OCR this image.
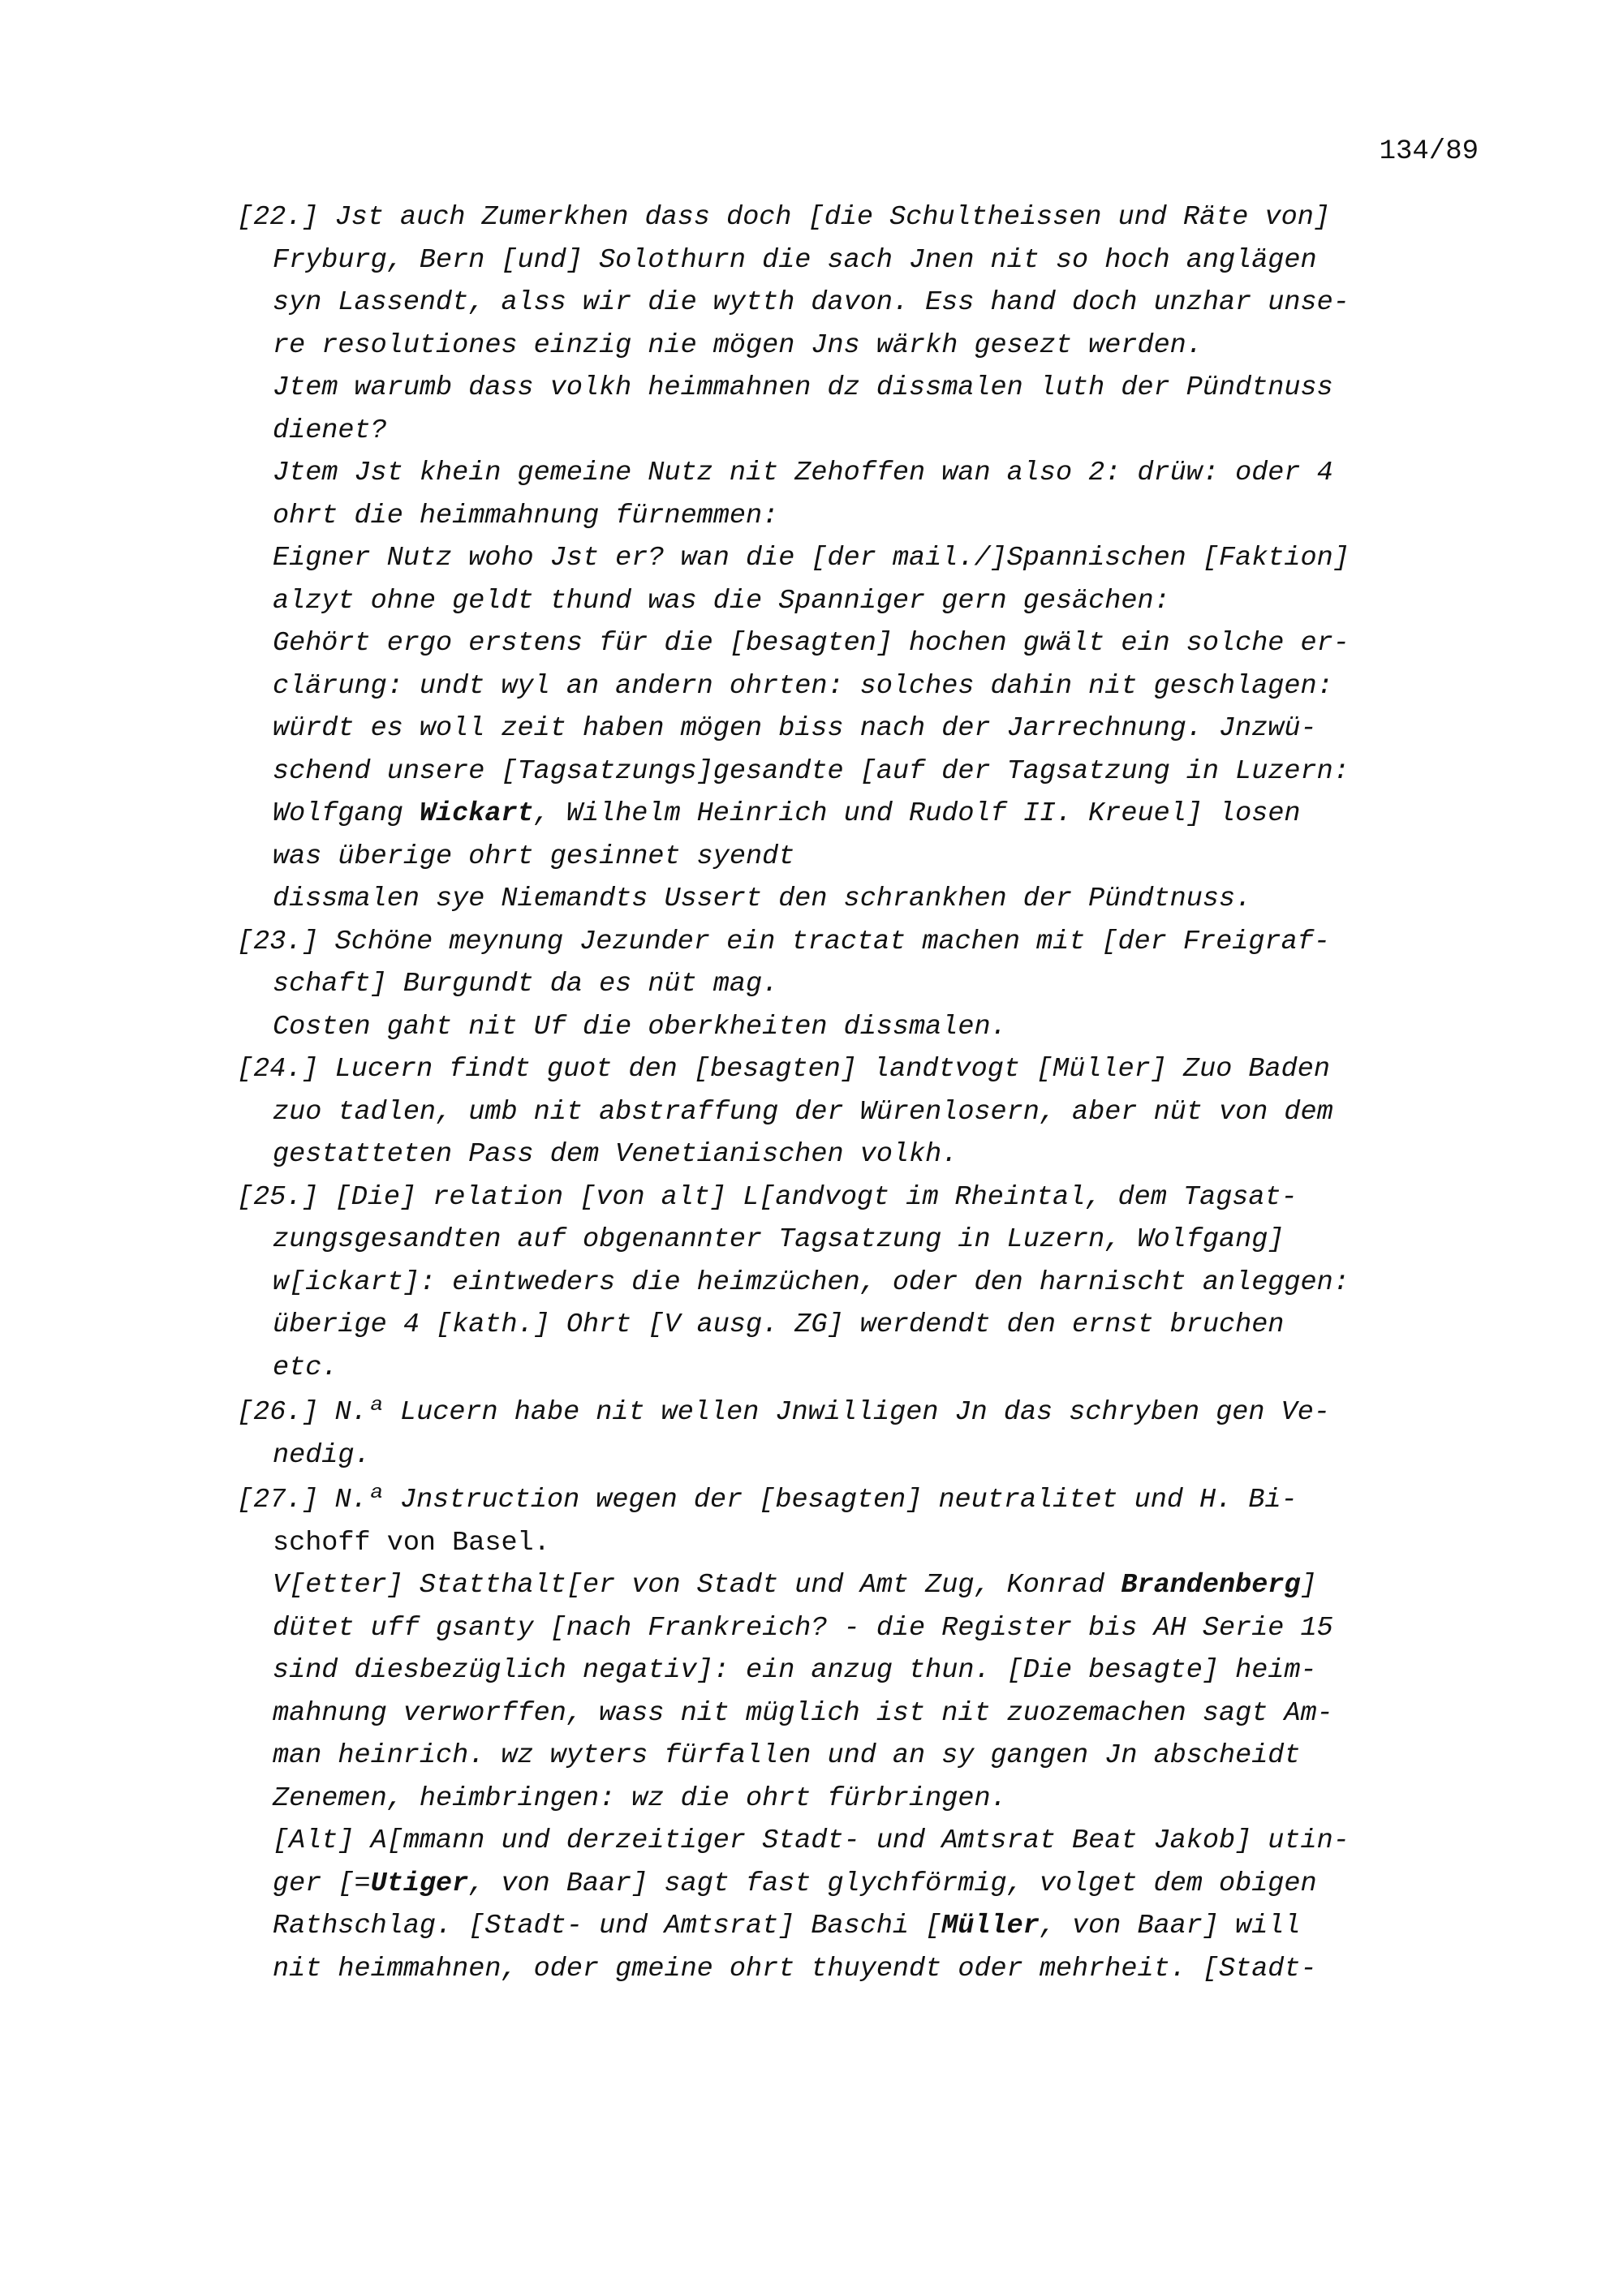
134/89
[22.] Jst auch Zumerkhen dass doch [die Schultheissen und Räte von]
Fryburg, Bern [und] Solothurn die sach Jnen nit so hoch anglägen
syn Lassendt, alss wir die wytth davon. Ess hand doch unzhar unse-
re resolutiones einzig nie mögen Jns wärkh gesezt werden.
Jtem warumb dass volkh heimmahnen dz dissmalen luth der Pündtnuss
dienet?
Jtem Jst khein gemeine Nutz nit Zehoffen wan also 2: drüw: oder 4
ohrt die heimmahnung fürnemmen:
Eigner Nutz woho Jst er? wan die [der mail./]Spannischen [Faktion]
alzyt ohne geldt thund was die Spanniger gern gesächen:
Gehört ergo erstens für die [besagten] hochen gwält ein solche er-
clärung: undt wyl an andern ohrten: solches dahin nit geschlagen:
würdt es woll zeit haben mögen biss nach der Jarrechnung. Jnzwü-
schend unsere [Tagsatzungs]gesandte [auf der Tagsatzung in Luzern:
Wolfgang Wickart, Wilhelm Heinrich und Rudolf II. Kreuel] losen
was überige ohrt gesinnet syendt
dissmalen sye Niemandts Ussert den schrankhen der Pündtnuss.
[23.] Schöne meynung Jezunder ein tractat machen mit [der Freigraf-
schaft] Burgundt da es nüt mag.
Costen gaht nit Uf die oberkheiten dissmalen.
[24.] Lucern findt guot den [besagten] landtvogt [Müller] Zuo Baden
zuo tadlen, umb nit abstraffung der Würenlosern, aber nüt von dem
gestatteten Pass dem Venetianischen volkh.
[25.] [Die] relation [von alt] L[andvogt im Rheintal, dem Tagsat-
zungsgesandten auf obgenannter Tagsatzung in Luzern, Wolfgang]
w[ickart]: eintweders die heimzüchen, oder den harnischt anleggen:
überige 4 [kath.] Ohrt [V ausg. ZG] werdendt den ernst bruchen
etc.
[26.] N.ª Lucern habe nit wellen Jnwilligen Jn das schryben gen Ve-
nedig.
[27.] N.ª Jnstruction wegen der [besagten] neutralitet und H. Bi-
schoff von Basel.
V[etter] Statthalt[er von Stadt und Amt Zug, Konrad Brandenberg]
dütet uff gsanty [nach Frankreich? - die Register bis AH Serie 15
sind diesbezüglich negativ]: ein anzug thun. [Die besagte] heim-
mahnung verworffen, wass nit müglich ist nit zuozemachen sagt Am-
man heinrich. wz wyters fürfallen und an sy gangen Jn abscheidt
Zenemen, heimbringen: wz die ohrt fürbringen.
[Alt] A[mmann und derzeitiger Stadt- und Amtsrat Beat Jakob] utin-
ger [=Utiger, von Baar] sagt fast glychförmig, volget dem obigen
Rathschlag. [Stadt- und Amtsrat] Baschi [Müller, von Baar] will
nit heimmahnen, oder gmeine ohrt thuyendt oder mehrheit. [Stadt-
